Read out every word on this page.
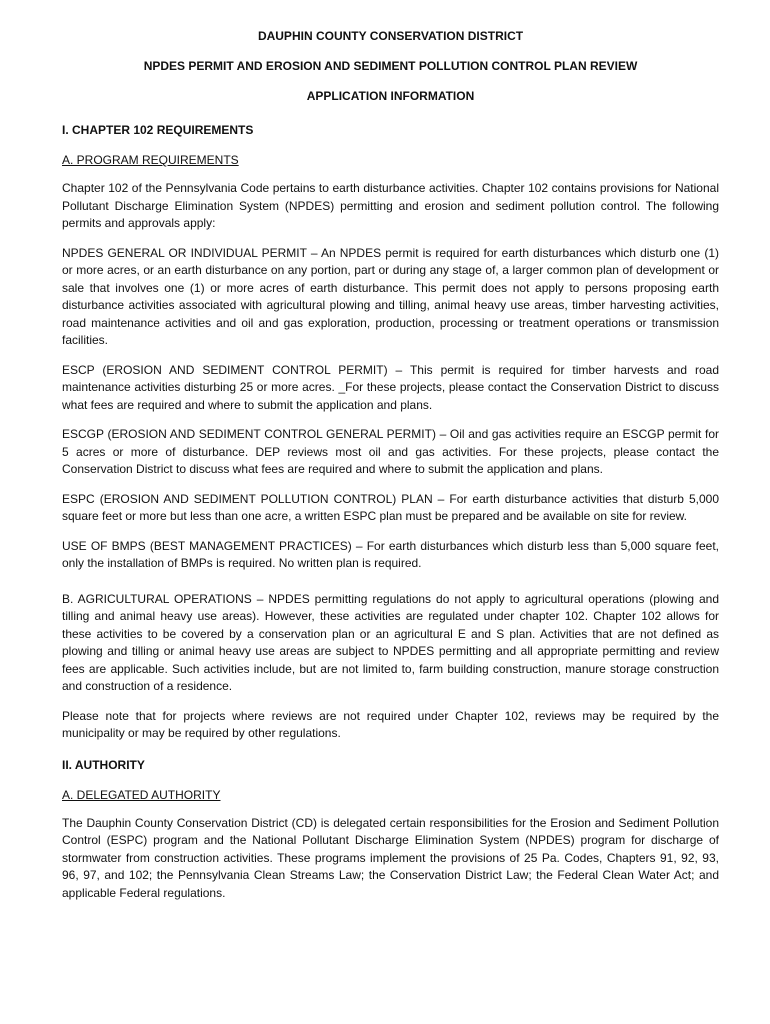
DAUPHIN COUNTY CONSERVATION DISTRICT
NPDES PERMIT AND EROSION AND SEDIMENT POLLUTION CONTROL PLAN REVIEW
APPLICATION INFORMATION
I. CHAPTER 102 REQUIREMENTS
A. PROGRAM REQUIREMENTS

Chapter 102 of the Pennsylvania Code pertains to earth disturbance activities. Chapter 102 contains provisions for National Pollutant Discharge Elimination System (NPDES) permitting and erosion and sediment pollution control. The following permits and approvals apply:

NPDES GENERAL OR INDIVIDUAL PERMIT – An NPDES permit is required for earth disturbances which disturb one (1) or more acres, or an earth disturbance on any portion, part or during any stage of, a larger common plan of development or sale that involves one (1) or more acres of earth disturbance. This permit does not apply to persons proposing earth disturbance activities associated with agricultural plowing and tilling, animal heavy use areas, timber harvesting activities, road maintenance activities and oil and gas exploration, production, processing or treatment operations or transmission facilities.

ESCP (EROSION AND SEDIMENT CONTROL PERMIT) – This permit is required for timber harvests and road maintenance activities disturbing 25 or more acres. _For these projects, please contact the Conservation District to discuss what fees are required and where to submit the application and plans.

ESCGP (EROSION AND SEDIMENT CONTROL GENERAL PERMIT) – Oil and gas activities require an ESCGP permit for 5 acres or more of disturbance. DEP reviews most oil and gas activities. For these projects, please contact the Conservation District to discuss what fees are required and where to submit the application and plans.

ESPC (EROSION AND SEDIMENT POLLUTION CONTROL) PLAN – For earth disturbance activities that disturb 5,000 square feet or more but less than one acre, a written ESPC plan must be prepared and be available on site for review.

USE OF BMPS (BEST MANAGEMENT PRACTICES) – For earth disturbances which disturb less than 5,000 square feet, only the installation of BMPs is required. No written plan is required.

B. AGRICULTURAL OPERATIONS – NPDES permitting regulations do not apply to agricultural operations (plowing and tilling and animal heavy use areas). However, these activities are regulated under chapter 102. Chapter 102 allows for these activities to be covered by a conservation plan or an agricultural E and S plan. Activities that are not defined as plowing and tilling or animal heavy use areas are subject to NPDES permitting and all appropriate permitting and review fees are applicable. Such activities include, but are not limited to, farm building construction, manure storage construction and construction of a residence.

Please note that for projects where reviews are not required under Chapter 102, reviews may be required by the municipality or may be required by other regulations.

II. AUTHORITY
A. DELEGATED AUTHORITY

The Dauphin County Conservation District (CD) is delegated certain responsibilities for the Erosion and Sediment Pollution Control (ESPC) program and the National Pollutant Discharge Elimination System (NPDES) program for discharge of stormwater from construction activities. These programs implement the provisions of 25 Pa. Codes, Chapters 91, 92, 93, 96, 97, and 102; the Pennsylvania Clean Streams Law; the Conservation District Law; the Federal Clean Water Act; and applicable Federal regulations.
